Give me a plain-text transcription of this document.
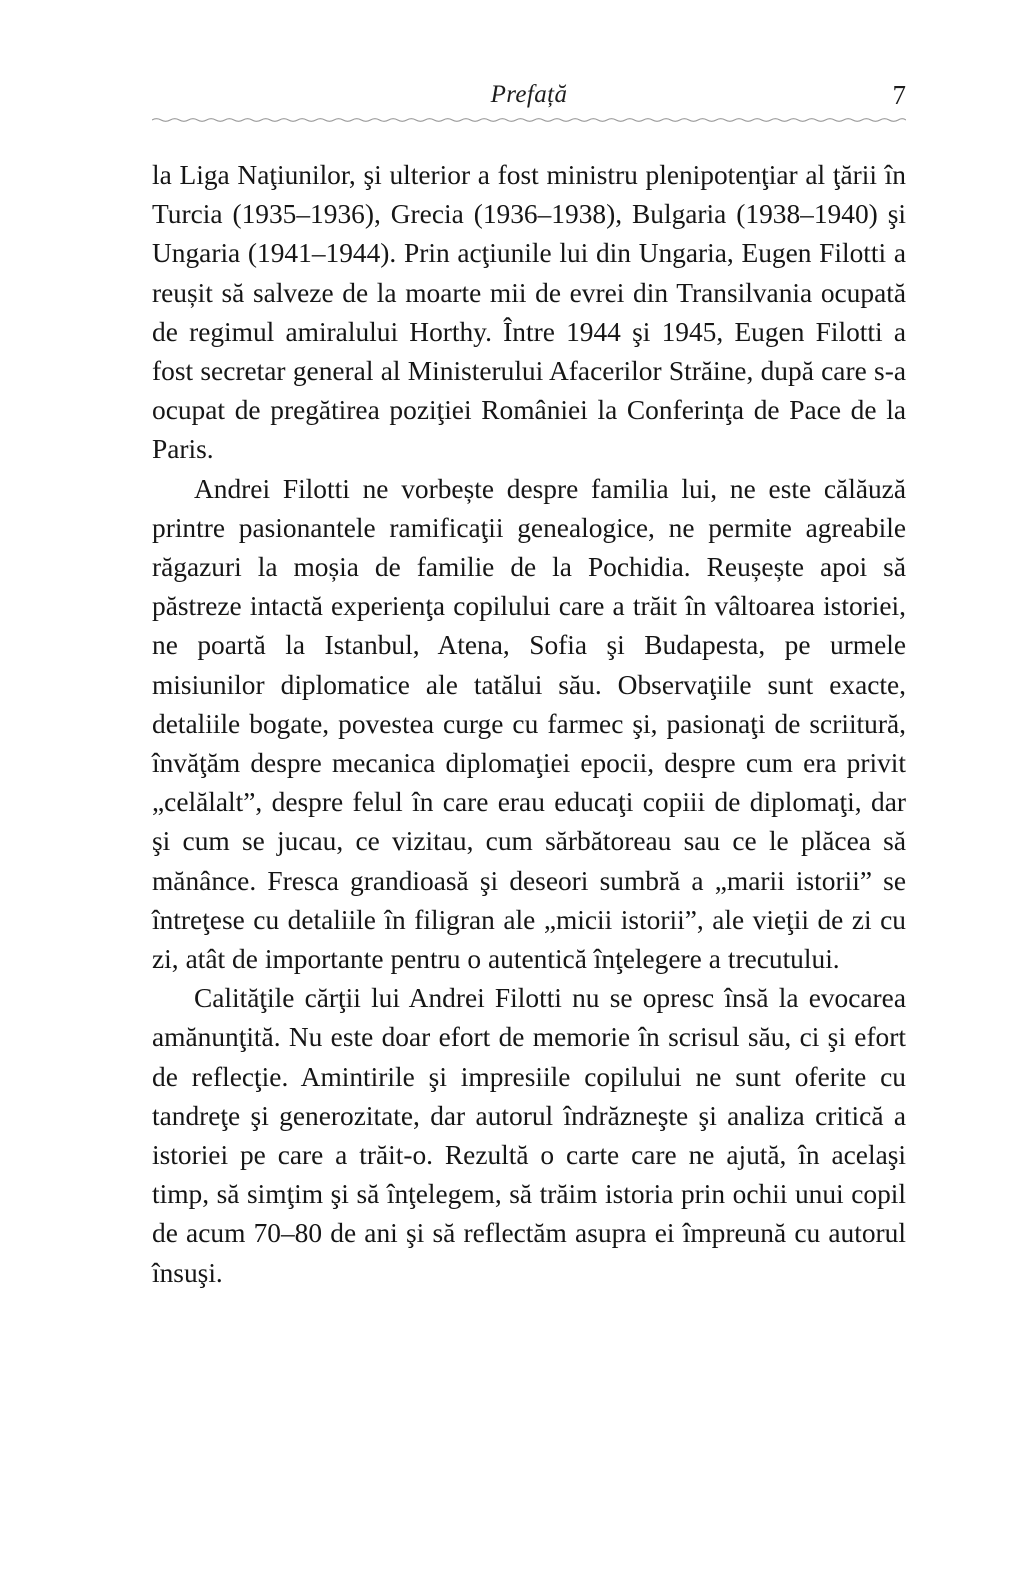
Prefață	7

la Liga Naţiunilor, şi ulterior a fost ministru plenipotenţiar al ţării în Turcia (1935–1936), Grecia (1936–1938), Bulgaria (1938–1940) şi Ungaria (1941–1944). Prin acţiunile lui din Ungaria, Eugen Filotti a reușit să salveze de la moarte mii de evrei din Transilvania ocupată de regimul amiralului Horthy. Între 1944 şi 1945, Eugen Filotti a fost secretar general al Ministerului Afacerilor Străine, după care s-a ocupat de pregătirea poziţiei României la Conferinţa de Pace de la Paris.

Andrei Filotti ne vorbește despre familia lui, ne este călăuză printre pasionantele ramificaţii genealogice, ne permite agreabile răgazuri la moșia de familie de la Pochidia. Reușește apoi să păstreze intactă experienţa copilului care a trăit în vâltoarea istoriei, ne poartă la Istanbul, Atena, Sofia şi Budapesta, pe urmele misiunilor diplomatice ale tatălui său. Observaţiile sunt exacte, detaliile bogate, povestea curge cu farmec şi, pasionaţi de scriitură, învăţăm despre mecanica diplomaţiei epocii, despre cum era privit „celălalt”, despre felul în care erau educaţi copiii de diplomaţi, dar şi cum se jucau, ce vizitau, cum sărbătoreau sau ce le plăcea să mănânce. Fresca grandioasă şi deseori sumbră a „marii istorii” se întreţese cu detaliile în filigran ale „micii istorii”, ale vieţii de zi cu zi, atât de importante pentru o autentică înţelegere a trecutului.

Calităţile cărţii lui Andrei Filotti nu se opresc însă la evocarea amănunţită. Nu este doar efort de memorie în scrisul său, ci şi efort de reflecţie. Amintirile şi impresiile copilului ne sunt oferite cu tandreţe şi generozitate, dar autorul îndrăzneşte şi analiza critică a istoriei pe care a trăit-o. Rezultă o carte care ne ajută, în acelaşi timp, să simţim şi să înţelegem, să trăim istoria prin ochii unui copil de acum 70–80 de ani şi să reflectăm asupra ei împreună cu autorul însuşi.
